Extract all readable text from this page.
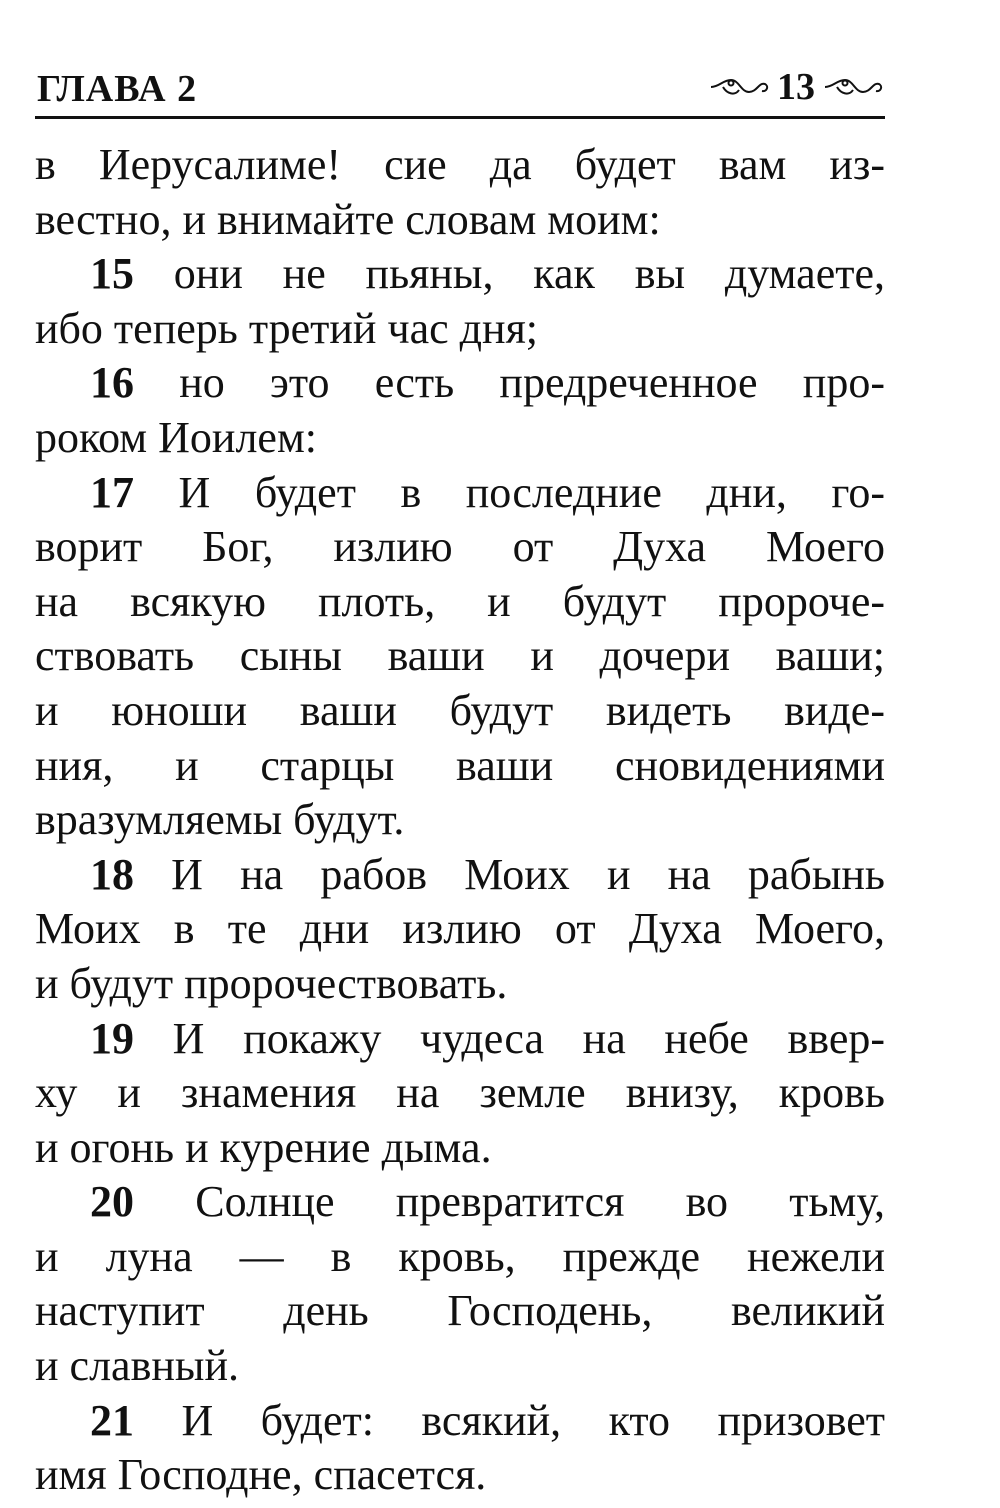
ГЛАВА 2	13
в Иерусалиме! сие да будет вам из-
вестно, и внимайте словам моим:
15 они не пьяны, как вы думаете,
ибо теперь третий час дня;
16 но это есть предреченное про-
роком Иоилем:
17 И будет в последние дни, го-
ворит Бог, излию от Духа Моего
на всякую плоть, и будут пророче-
ствовать сыны ваши и дочери ваши;
и юноши ваши будут видеть виде-
ния, и старцы ваши сновидениями
вразумляемы будут.
18 И на рабов Моих и на рабынь
Моих в те дни излию от Духа Моего,
и будут пророчествовать.
19 И покажу чудеса на небе ввер-
ху и знамения на земле внизу, кровь
и огонь и курение дыма.
20 Солнце превратится во тьму,
и луна — в кровь, прежде нежели
наступит день Господень, великий
и славный.
21 И будет: всякий, кто призовет
имя Господне, спасется.
